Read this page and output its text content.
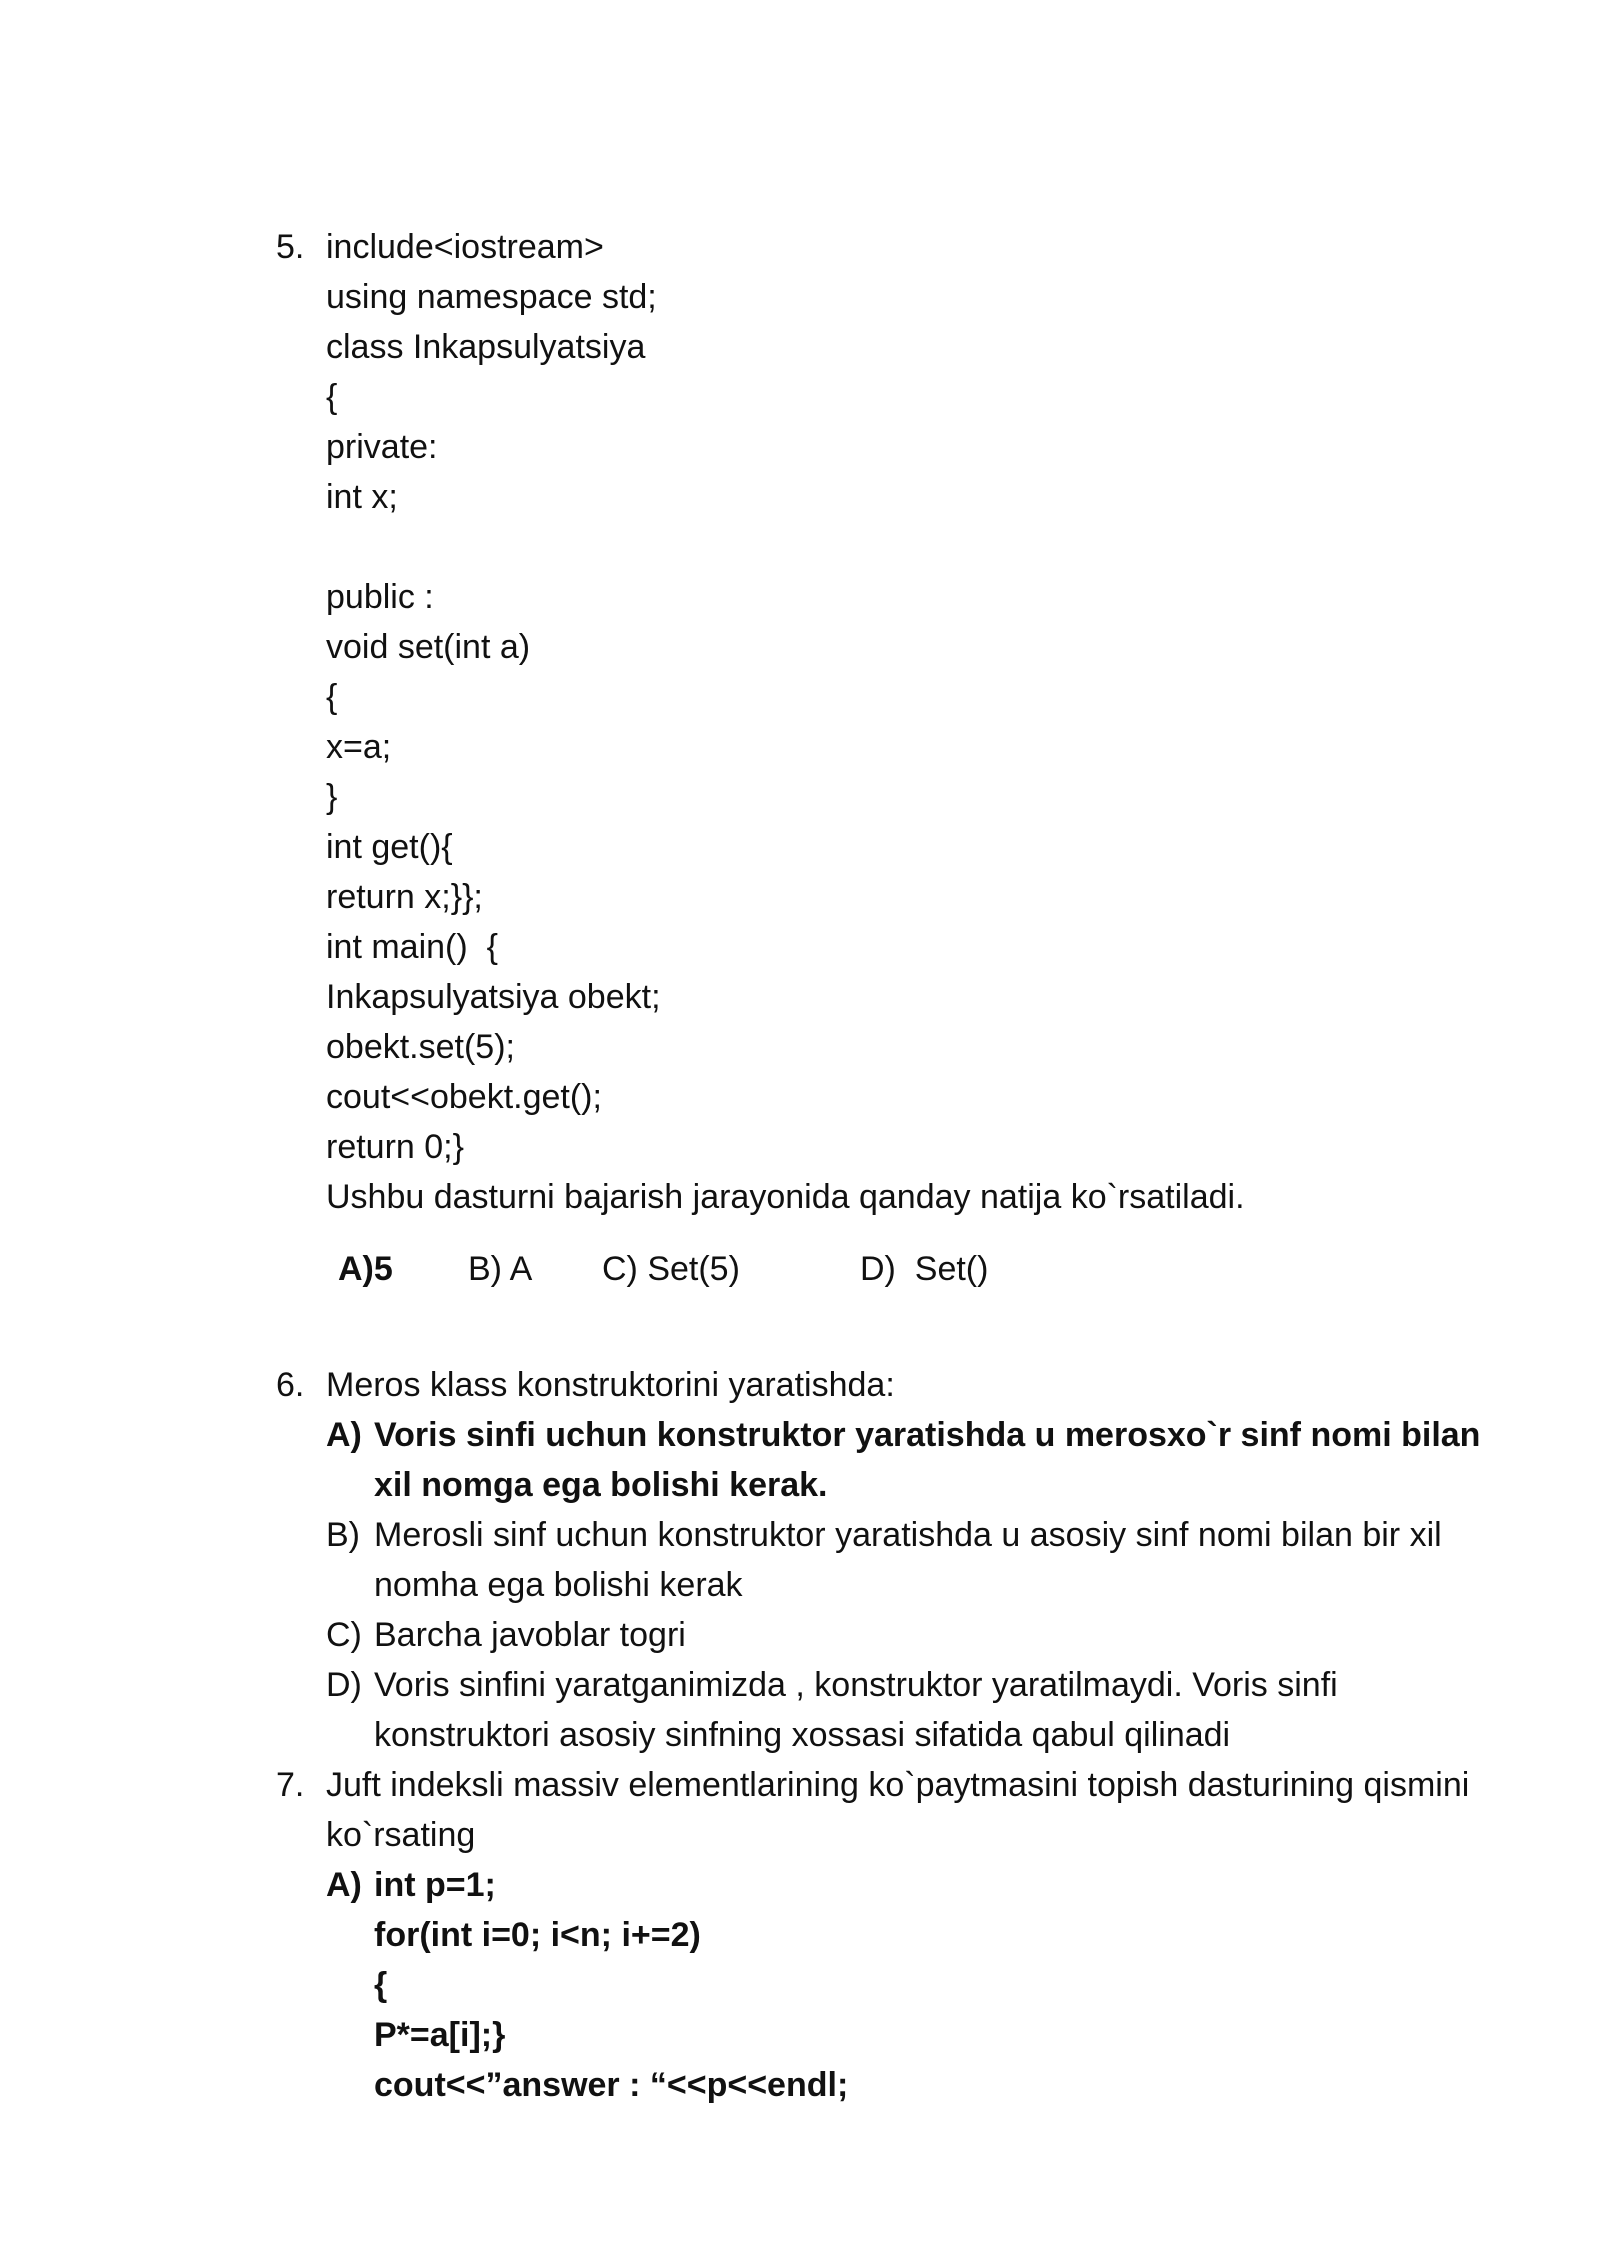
5. include<iostream>
using namespace std;
class Inkapsulyatsiya
{
private:
int x;
public :
void set(int a)
{
x=a;
}
int get(){
return x;}};
int main()  {
Inkapsulyatsiya obekt;
obekt.set(5);
cout<<obekt.get();
return 0;}
Ushbu dasturni bajarish jarayonida qanday natija ko`rsatiladi.
A)5 B) A C) Set(5)	D)  Set()
6. Meros klass konstruktorini yaratishda:
A) Voris sinfi uchun konstruktor yaratishda u merosxo`r sinf nomi bilan xil nomga ega bolishi kerak.
B) Merosli sinf uchun konstruktor yaratishda u asosiy sinf nomi bilan bir xil nomha ega bolishi kerak
C) Barcha javoblar togri
D) Voris sinfini yaratganimizda , konstruktor yaratilmaydi. Voris sinfi konstruktori asosiy sinfning xossasi sifatida qabul qilinadi
7. Juft indeksli massiv elementlarining ko`paytmasini topish dasturining qismini ko`rsating
A) int p=1;
for(int i=0; i<n; i+=2)
{
P*=a[i];}
cout<<”answer : “<<p<<endl;
